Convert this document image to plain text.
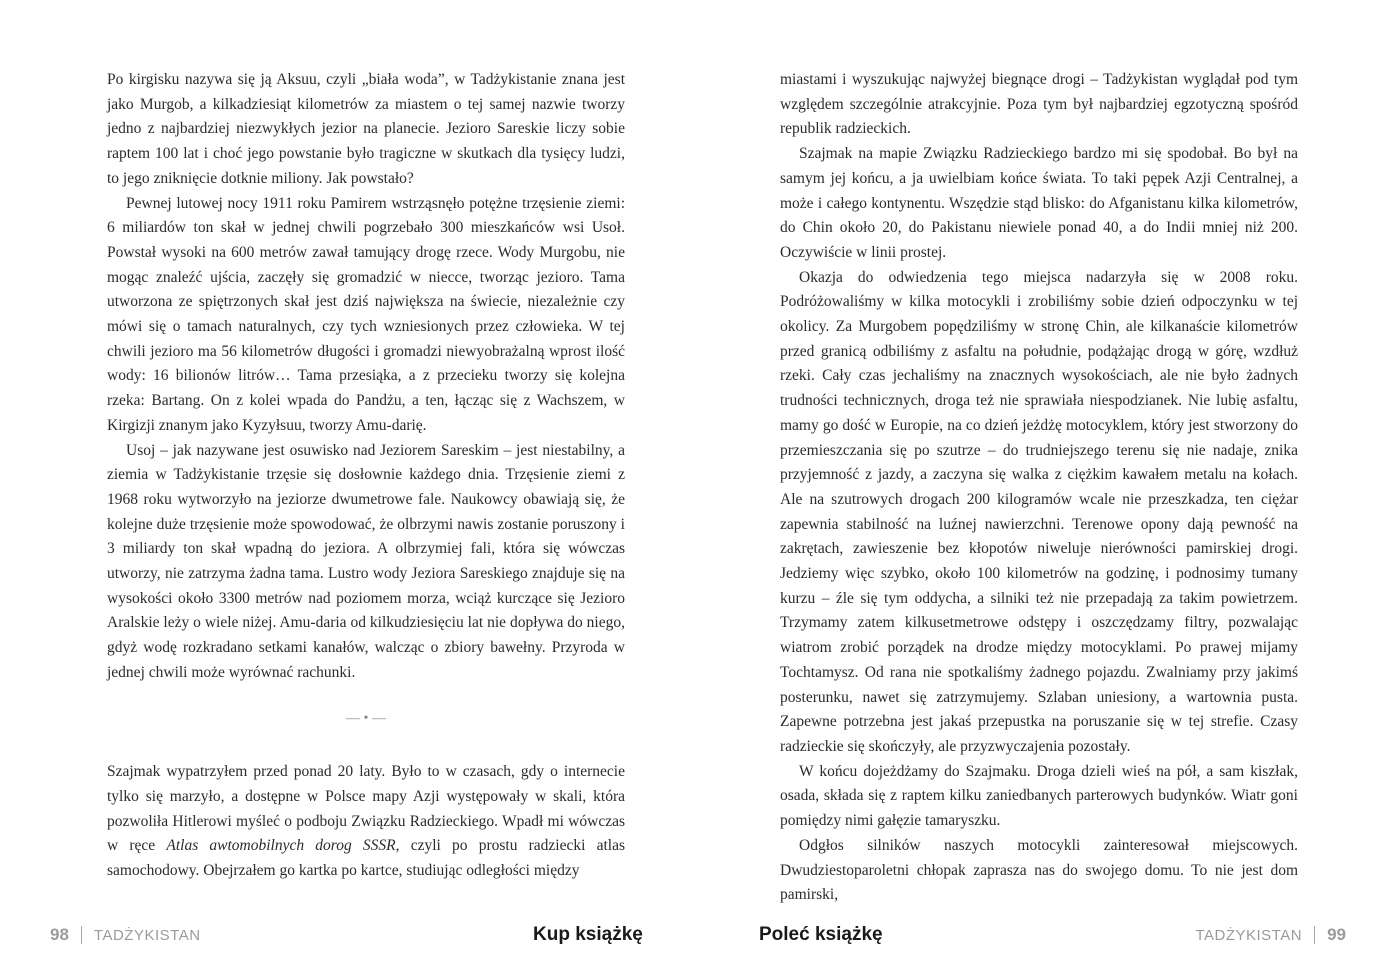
Po kirgisku nazywa się ją Aksuu, czyli „biała woda”, w Tadżykistanie znana jest jako Murgob, a kilkadziesiąt kilometrów za miastem o tej samej nazwie tworzy jedno z najbardziej niezwykłych jezior na planecie. Jezioro Sareskie liczy sobie raptem 100 lat i choć jego powstanie było tragiczne w skutkach dla tysięcy ludzi, to jego zniknięcie dotknie miliony. Jak powstało?

Pewnej lutowej nocy 1911 roku Pamirem wstrząsnęło potężne trzęsienie ziemi: 6 miliardów ton skał w jednej chwili pogrzebało 300 mieszkańców wsi Usoł. Powstał wysoki na 600 metrów zawał tamujący drogę rzece. Wody Murgobu, nie mogąc znaleźć ujścia, zaczęły się gromadzić w niecce, tworząc jezioro. Tama utworzona ze spiętrzonych skał jest dziś największa na świecie, niezależnie czy mówi się o tamach naturalnych, czy tych wzniesionych przez człowieka. W tej chwili jezioro ma 56 kilometrów długości i gromadzi niewyobrażalną wprost ilość wody: 16 bilionów litrów… Tama przesiąka, a z przecieku tworzy się kolejna rzeka: Bartang. On z kolei wpada do Pandżu, a ten, łącząc się z Wachszem, w Kirgizji znanym jako Kyzyłsuu, tworzy Amu-darię.

Usoj – jak nazywane jest osuwisko nad Jeziorem Sareskim – jest niestabilny, a ziemia w Tadżykistanie trzęsie się dosłownie każdego dnia. Trzęsienie ziemi z 1968 roku wytworzyło na jeziorze dwumetrowe fale. Naukowcy obawiają się, że kolejne duże trzęsienie może spowodować, że olbrzymi nawis zostanie poruszony i 3 miliardy ton skał wpadną do jeziora. A olbrzymiej fali, która się wówczas utworzy, nie zatrzyma żadna tama. Lustro wody Jeziora Sareskiego znajduje się na wysokości około 3300 metrów nad poziomem morza, wciąż kurczące się Jezioro Aralskie leży o wiele niżej. Amu-daria od kilkudziesięciu lat nie dopływa do niego, gdyż wodę rozkradano setkami kanałów, walcząc o zbiory bawełny. Przyroda w jednej chwili może wyrównać rachunki.

— • —

Szajmak wypatrzyłem przed ponad 20 laty. Było to w czasach, gdy o internecie tylko się marzyło, a dostępne w Polsce mapy Azji występowały w skali, która pozwoliła Hitlerowi myśleć o podboju Związku Radzieckiego. Wpadł mi wówczas w ręce Atlas awtomobilnych dorog SSSR, czyli po prostu radziecki atlas samochodowy. Obejrzałem go kartka po kartce, studiując odległości między

miastami i wyszukując najwyżej biegnące drogi – Tadżykistan wyglądał pod tym względem szczególnie atrakcyjnie. Poza tym był najbardziej egzotyczną spośród republik radzieckich.

Szajmak na mapie Związku Radzieckiego bardzo mi się spodobał. Bo był na samym jej końcu, a ja uwielbiam końce świata. To taki pępek Azji Centralnej, a może i całego kontynentu. Wszędzie stąd blisko: do Afganistanu kilka kilometrów, do Chin około 20, do Pakistanu niewiele ponad 40, a do Indii mniej niż 200. Oczywiście w linii prostej.

Okazja do odwiedzenia tego miejsca nadarzyła się w 2008 roku. Podróżowaliśmy w kilka motocykli i zrobiliśmy sobie dzień odpoczynku w tej okolicy. Za Murgobem popędziliśmy w stronę Chin, ale kilkanaście kilometrów przed granicą odbiliśmy z asfaltu na południe, podążając drogą w górę, wzdłuż rzeki. Cały czas jechaliśmy na znacznych wysokościach, ale nie było żadnych trudności technicznych, droga też nie sprawiała niespodzianek. Nie lubię asfaltu, mamy go dość w Europie, na co dzień jeżdżę motocyklem, który jest stworzony do przemieszczania się po szutrze – do trudniejszego terenu się nie nadaje, znika przyjemność z jazdy, a zaczyna się walka z ciężkim kawałem metalu na kołach. Ale na szutrowych drogach 200 kilogramów wcale nie przeszkadza, ten ciężar zapewnia stabilność na luźnej nawierzchni. Terenowe opony dają pewność na zakrętach, zawieszenie bez kłopotów niweluje nierówności pamirskiej drogi. Jedziemy więc szybko, około 100 kilometrów na godzinę, i podnosimy tumany kurzu – źle się tym oddycha, a silniki też nie przepadają za takim powietrzem. Trzymamy zatem kilkusetmetrowe odstępy i oszczędzamy filtry, pozwalając wiatrom zrobić porządek na drodze między motocyklami. Po prawej mijamy Tochtamysz. Od rana nie spotkaliśmy żadnego pojazdu. Zwalniamy przy jakimś posterunku, nawet się zatrzymujemy. Szlaban uniesiony, a wartownia pusta. Zapewne potrzebna jest jakaś przepustka na poruszanie się w tej strefie. Czasy radzieckie się skończyły, ale przyzwyczajenia pozostały.

W końcu dojeżdżamy do Szajmaku. Droga dzieli wieś na pół, a sam kiszłak, osada, składa się z raptem kilku zaniedbanych parterowych budynków. Wiatr goni pomiędzy nimi gałęzie tamaryszku.

Odgłos silników naszych motocykli zainteresował miejscowych. Dwudziestoparoletni chłopak zaprasza nas do swojego domu. To nie jest dom pamirski,

98 TADŻYKISTAN	Kup książkę	Poleć książkę	TADŻYKISTAN 99
